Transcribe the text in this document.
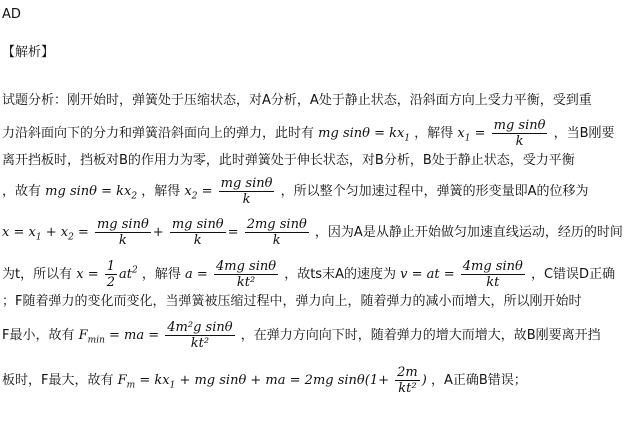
AD
【解析】
试题分析：刚开始时，弹簧处于压缩状态，对A分析，A处于静止状态，沿斜面方向上受力平衡，受到重
力沿斜面向下的分力和弹簧沿斜面向上的弹力，此时有 mg $\sin\theta = kx_1$ ，解得 $x_1 = \frac{\text{mg sinθ}}{k}$ ，当B刚要
离开挡板时，挡板对B的作用力为零，此时弹簧处于伸长状态，对B分析，B处于静止状态，受力平衡
，故有 mg $\sin\theta = kx_2$ ，解得 $x_2 = \frac{\text{mg sinθ}}{k}$ ，所以整个匀加速过程中，弹簧的形变量即A的位移为
$x = x_1 + x_2 = \frac{\text{mg sinθ}}{k} + \frac{\text{mg sinθ}}{k} = \frac{\text{2mg sinθ}}{k}$ ，因为A是从静止开始做匀加速直线运动，经历的时间
为t，所以有 $x = \frac{1}{2} at^2$ ，解得 $a = \frac{\text{4mg sinθ}}{\text{kt²}}$ ，故ts末A的速度为 v = at = $\frac{\text{4mg sinθ}}{kt}$ ，C错误D正确
；F随着弹力的变化而变化，当弹簧被压缩过程中，弹力向上，随着弹力的减小而增大，所以刚开始时
F最小，故有 $F_{min}$ = ma = $\frac{\text{4m²g sinθ}}{\text{kt²}}$ ，在弹力方向向下时，随着弹力的增大而增大，故B刚要离开挡
板时，F最大，故有 $F_m = kx_1$ + mg sinθ + ma = 2mg $\sin\theta(1+ \frac{2m}{\text{kt²}}$ ) ，A正确B错误；
